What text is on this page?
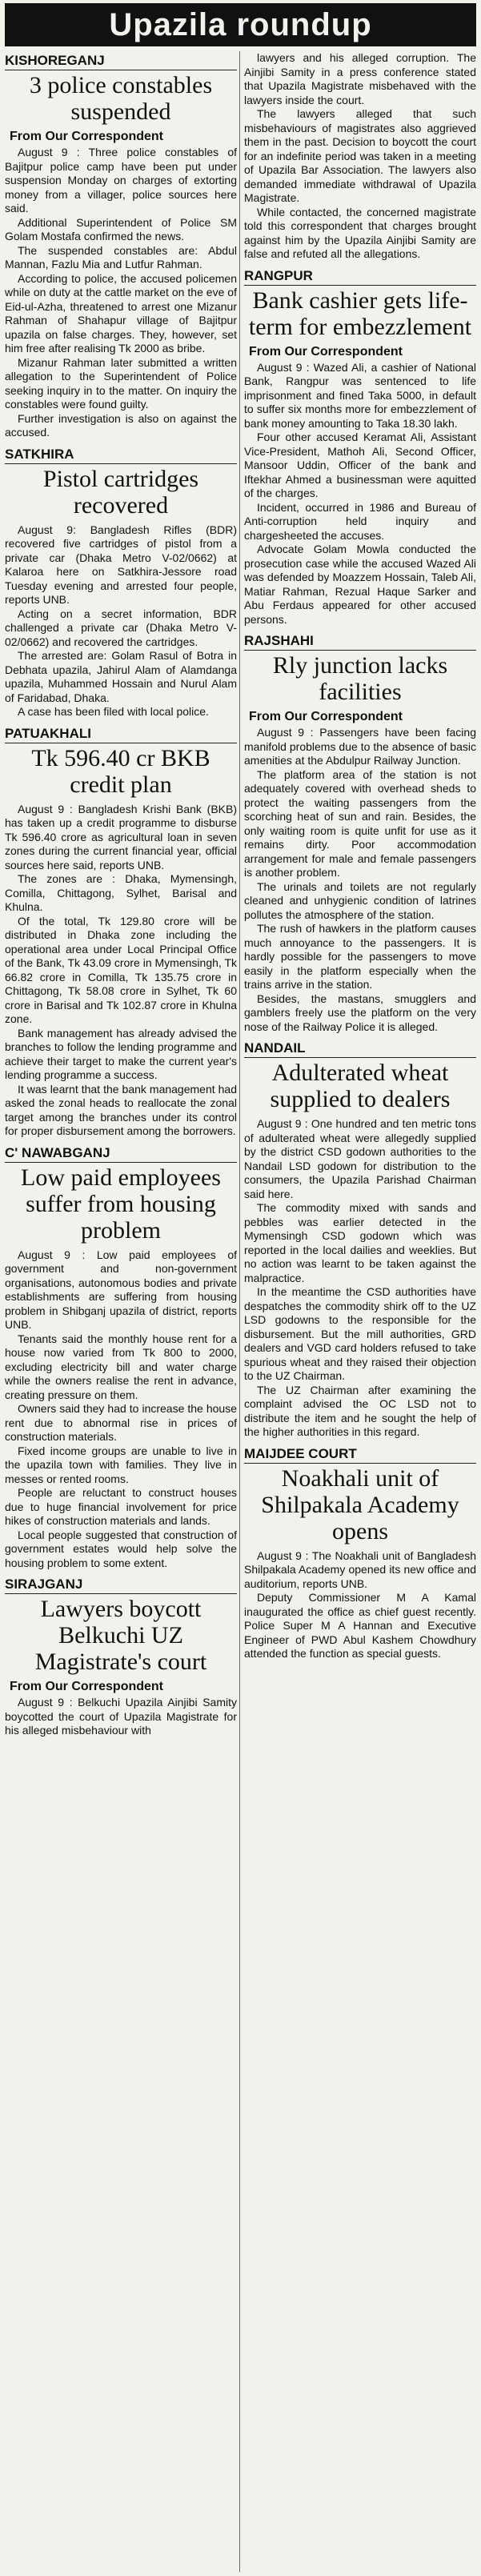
Upazila roundup
KISHOREGANJ
3 police constables suspended
From Our Correspondent

August 9 : Three police constables of Bajitpur police camp have been put under suspension Monday on charges of extorting money from a villager, police sources here said.

Additional Superintendent of Police SM Golam Mostafa confirmed the news.

The suspended constables are: Abdul Mannan, Fazlu Mia and Lutfur Rahman.

According to police, the accused policemen while on duty at the cattle market on the eve of Eid-ul-Azha, threatened to arrest one Mizanur Rahman of Shahapur village of Bajitpur upazila on false charges. They, however, set him free after realising Tk 2000 as bribe.

Mizanur Rahman later submitted a written allegation to the Superintendent of Police seeking inquiry in to the matter. On inquiry the constables were found guilty.

Further investigation is also on against the accused.

SATKHIRA
Pistol cartridges recovered

August 9: Bangladesh Rifles (BDR) recovered five cartridges of pistol from a private car (Dhaka Metro V-02/0662) at Kalaroa here on Satkhira-Jessore road Tuesday evening and arrested four people, reports UNB.

Acting on a secret information, BDR challenged a private car (Dhaka Metro V-02/0662) and recovered the cartridges.

The arrested are: Golam Rasul of Botra in Debhata upazila, Jahirul Alam of Alamdanga upazila, Muhammed Hossain and Nurul Alam of Faridabad, Dhaka.

A case has been filed with local police.

PATUAKHALI
Tk 596.40 cr BKB credit plan

August 9 : Bangladesh Krishi Bank (BKB) has taken up a credit programme to disburse Tk 596.40 crore as agricultural loan in seven zones during the current financial year, official sources here said, reports UNB.

The zones are : Dhaka, Mymensingh, Comilla, Chittagong, Sylhet, Barisal and Khulna.

Of the total, Tk 129.80 crore will be distributed in Dhaka zone including the operational area under Local Principal Office of the Bank, Tk 43.09 crore in Mymensingh, Tk 66.82 crore in Comilla, Tk 135.75 crore in Chittagong, Tk 58.08 crore in Sylhet, Tk 60 crore in Barisal and Tk 102.87 crore in Khulna zone.

Bank management has already advised the branches to follow the lending programme and achieve their target to make the current year's lending programme a success.

It was learnt that the bank management had asked the zonal heads to reallocate the zonal target among the branches under its control for proper disbursement among the borrowers.

C' NAWABGANJ
Low paid employees suffer from housing problem

August 9 : Low paid employees of government and non-government organisations, autonomous bodies and private establishments are suffering from housing problem in Shibganj upazila of district, reports UNB.

Tenants said the monthly house rent for a house now varied from Tk 800 to 2000, excluding electricity bill and water charge while the owners realise the rent in advance, creating pressure on them.

Owners said they had to increase the house rent due to abnormal rise in prices of construction materials.

Fixed income groups are unable to live in the upazila town with families. They live in messes or rented rooms.

People are reluctant to construct houses due to huge financial involvement for price hikes of construction materials and lands.

Local people suggested that construction of government estates would help solve the housing problem to some extent.

SIRAJGANJ
Lawyers boycott Belkuchi UZ Magistrate's court
From Our Correspondent

August 9 : Belkuchi Upazila Ainjibi Samity boycotted the court of Upazila Magistrate for his alleged misbehaviour with

lawyers and his alleged corruption. The Ainjibi Samity in a press conference stated that Upazila Magistrate misbehaved with the lawyers inside the court.

The lawyers alleged that such misbehaviours of magistrates also aggrieved them in the past. Decision to boycott the court for an indefinite period was taken in a meeting of Upazila Bar Association. The lawyers also demanded immediate withdrawal of Upazila Magistrate.

While contacted, the concerned magistrate told this correspondent that charges brought against him by the Upazila Ainjibi Samity are false and refuted all the allegations.

RANGPUR
Bank cashier gets life-term for embezzlement
From Our Correspondent

August 9 : Wazed Ali, a cashier of National Bank, Rangpur was sentenced to life imprisonment and fined Taka 5000, in default to suffer six months more for embezzlement of bank money amounting to Taka 18.30 lakh.

Four other accused Keramat Ali, Assistant Vice-President, Mathoh Ali, Second Officer, Mansoor Uddin, Officer of the bank and Iftekhar Ahmed a businessman were aquitted of the charges.

Incident, occurred in 1986 and Bureau of Anti-corruption held inquiry and chargesheeted the accuses.

Advocate Golam Mowla conducted the prosecution case while the accused Wazed Ali was defended by Moazzem Hossain, Taleb Ali, Matiar Rahman, Rezual Haque Sarker and Abu Ferdaus appeared for other accused persons.

RAJSHAHI
Rly junction lacks facilities
From Our Correspondent

August 9 : Passengers have been facing manifold problems due to the absence of basic amenities at the Abdulpur Railway Junction.

The platform area of the station is not adequately covered with overhead sheds to protect the waiting passengers from the scorching heat of sun and rain. Besides, the only waiting room is quite unfit for use as it remains dirty. Poor accommodation arrangement for male and female passengers is another problem.

The urinals and toilets are not regularly cleaned and unhygienic condition of latrines pollutes the atmosphere of the station.

The rush of hawkers in the platform causes much annoyance to the passengers. It is hardly possible for the passengers to move easily in the platform especially when the trains arrive in the station.

Besides, the mastans, smugglers and gamblers freely use the platform on the very nose of the Railway Police it is alleged.

NANDAIL
Adulterated wheat supplied to dealers

August 9 : One hundred and ten metric tons of adulterated wheat were allegedly supplied by the district CSD godown authorities to the Nandail LSD godown for distribution to the consumers, the Upazila Parishad Chairman said here.

The commodity mixed with sands and pebbles was earlier detected in the Mymensingh CSD godown which was reported in the local dailies and weeklies. But no action was learnt to be taken against the malpractice.

In the meantime the CSD authorities have despatches the commodity shirk off to the UZ LSD godowns to the responsible for the disbursement. But the mill authorities, GRD dealers and VGD card holders refused to take spurious wheat and they raised their objection to the UZ Chairman.

The UZ Chairman after examining the complaint advised the OC LSD not to distribute the item and he sought the help of the higher authorities in this regard.

MAIJDEE COURT
Noakhali unit of Shilpakala Academy opens

August 9 : The Noakhali unit of Bangladesh Shilpakala Academy opened its new office and auditorium, reports UNB.

Deputy Commissioner M A Kamal inaugurated the office as chief guest recently. Police Super M A Hannan and Executive Engineer of PWD Abul Kashem Chowdhury attended the function as special guests.
